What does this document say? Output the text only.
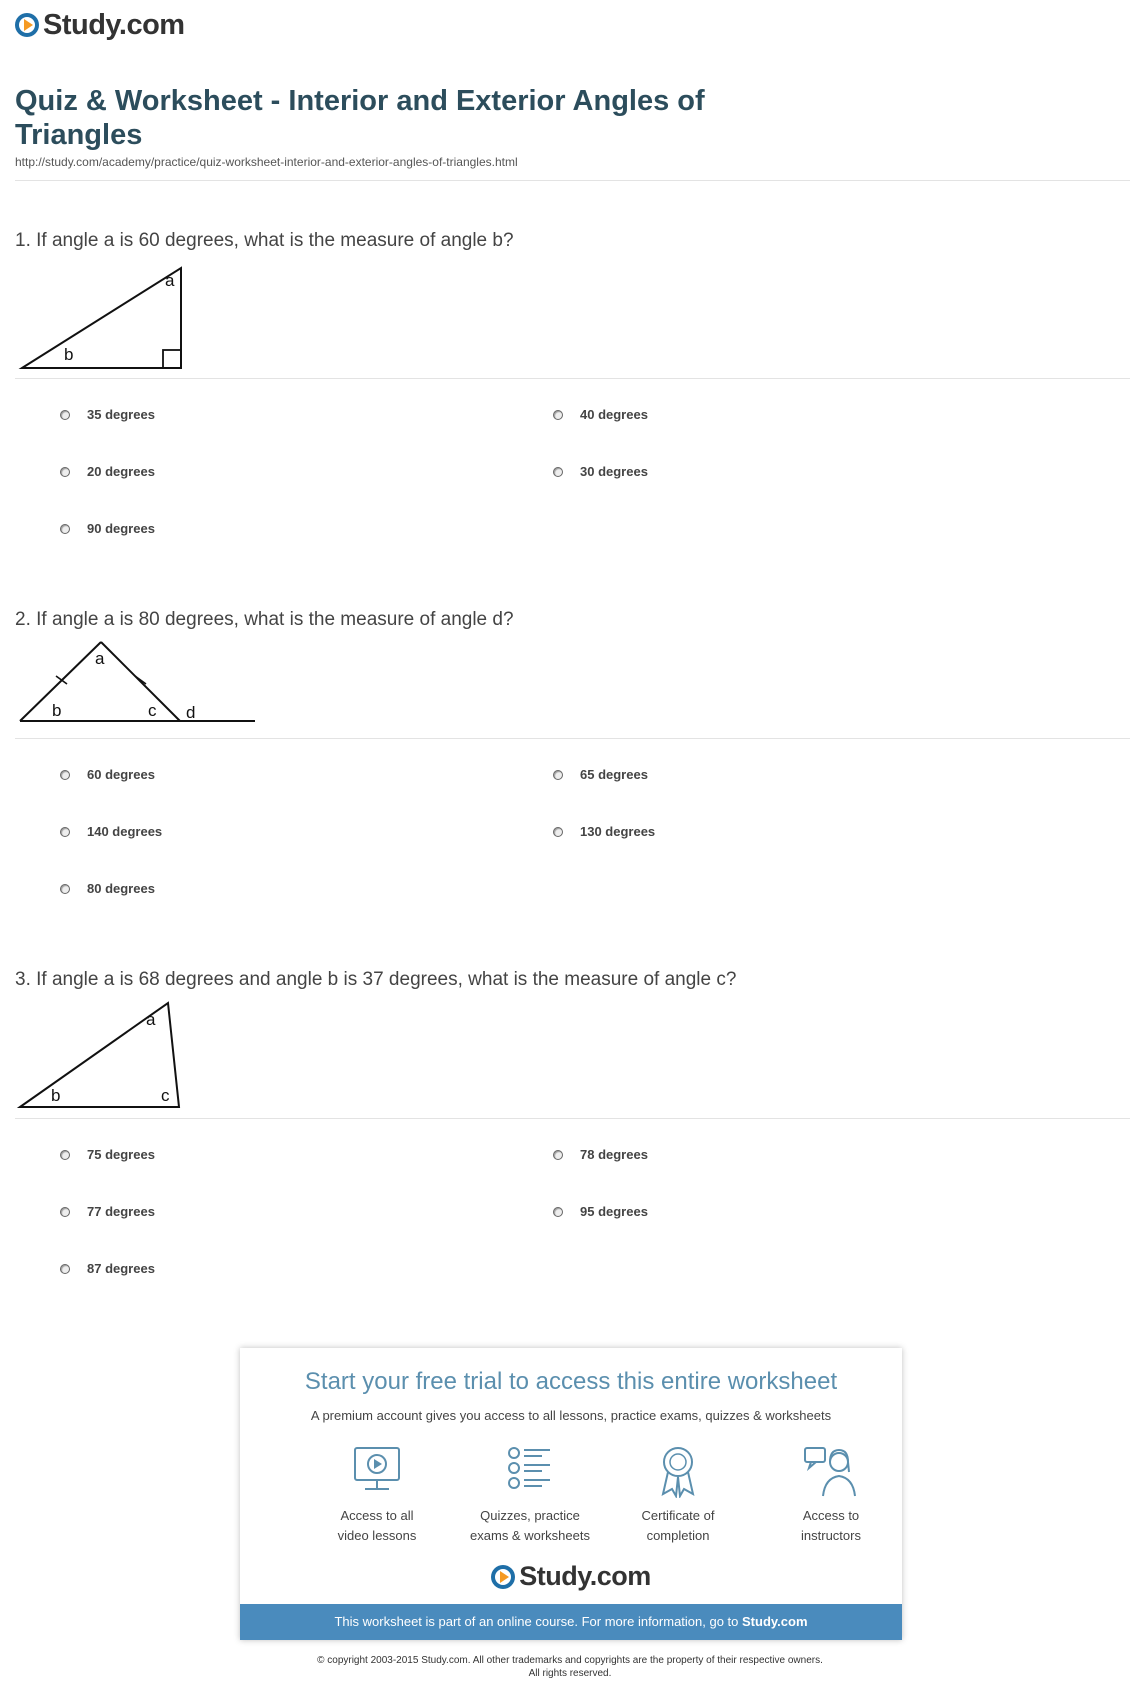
Study.com
Quiz & Worksheet - Interior and Exterior Angles of Triangles
http://study.com/academy/practice/quiz-worksheet-interior-and-exterior-angles-of-triangles.html
1. If angle a is 60 degrees, what is the measure of angle b?
a
b
35 degrees	40 degrees
20 degrees	30 degrees
90 degrees
2. If angle a is 80 degrees, what is the measure of angle d?
a
b	c d
60 degrees	65 degrees
140 degrees	130 degrees
80 degrees
3. If angle a is 68 degrees and angle b is 37 degrees, what is the measure of angle c?
a
b	c
75 degrees	78 degrees
77 degrees	95 degrees
87 degrees
Start your free trial to access this entire worksheet
A premium account gives you access to all lessons, practice exams, quizzes & worksheets
Access to all
video lessons
Quizzes, practice
exams & worksheets
Certificate of
completion
Access to
instructors
Study.com
This worksheet is part of an online course. For more information, go to Study.com
© copyright 2003-2015 Study.com. All other trademarks and copyrights are the property of their respective owners.
All rights reserved.
